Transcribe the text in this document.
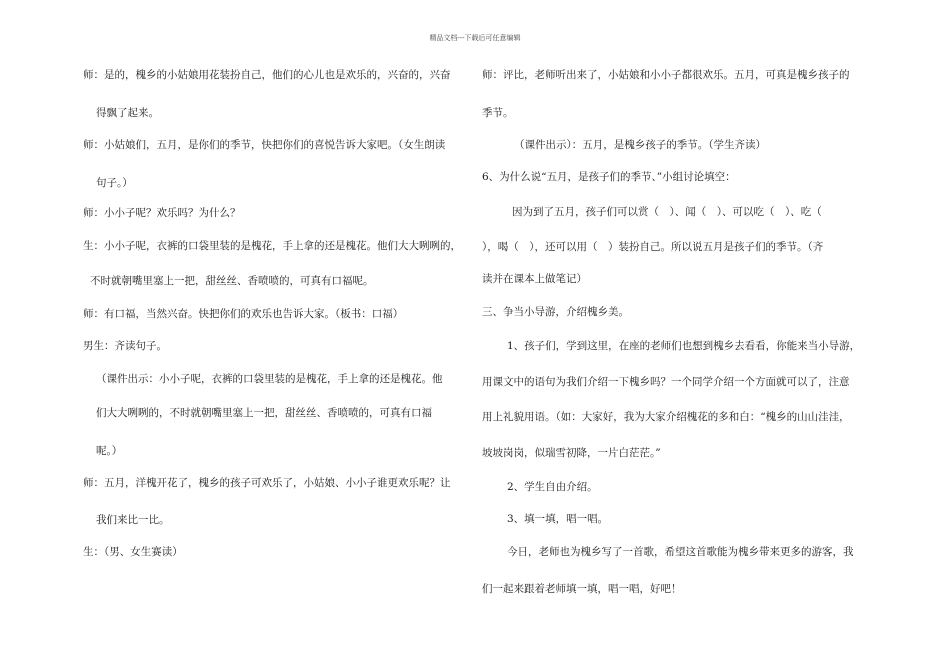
精品文档---下载后可任意编辑
师：是的，槐乡的小姑娘用花装扮自己，他们的心儿也是欢乐的，兴奋的，兴奋
得飘了起来。
师：小姑娘们，五月，是你们的季节，快把你们的喜悦告诉大家吧。（女生朗读
句子。）
师：小小子呢？欢乐吗？为什么？
生：小小子呢，衣裤的口袋里装的是槐花，手上拿的还是槐花。他们大大咧咧的，
不时就朝嘴里塞上一把，甜丝丝、香喷喷的，可真有口福呢。
师：有口福，当然兴奋。快把你们的欢乐也告诉大家。（板书：口福）
男生：齐读句子。
（课件出示：小小子呢，衣裤的口袋里装的是槐花，手上拿的还是槐花。他
们大大咧咧的，不时就朝嘴里塞上一把，甜丝丝、香喷喷的，可真有口福
呢。）
师：五月，洋槐开花了，槐乡的孩子可欢乐了，小姑娘、小小子谁更欢乐呢？让
我们来比一比。
生：（男、女生赛读）
师：评比，老师听出来了，小姑娘和小小子都很欢乐。五月，可真是槐乡孩子的
季节。
（课件出示）：五月，是槐乡孩子的季节。（学生齐读）
6、为什么说“五月，是孩子们的季节、”小组讨论填空：
因为到了五月，孩子们可以赏（　）、闻（　）、可以吃（　）、吃（
），喝（　），还可以用（　）装扮自己。所以说五月是孩子们的季节。（齐
读并在课本上做笔记）
三、争当小导游，介绍槐乡美。
1、孩子们，学到这里，在座的老师们也想到槐乡去看看，你能来当小导游，
用课文中的语句为我们介绍一下槐乡吗？一个同学介绍一个方面就可以了，注意
用上礼貌用语。（如：大家好，我为大家介绍槐花的多和白：“槐乡的山山洼洼，
坡坡岗岗，似瑞雪初降，一片白茫茫。”
2、学生自由介绍。
3、填一填，唱一唱。
今日，老师也为槐乡写了一首歌，希望这首歌能为槐乡带来更多的游客，我
们一起来跟着老师填一填，唱一唱，好吧！
